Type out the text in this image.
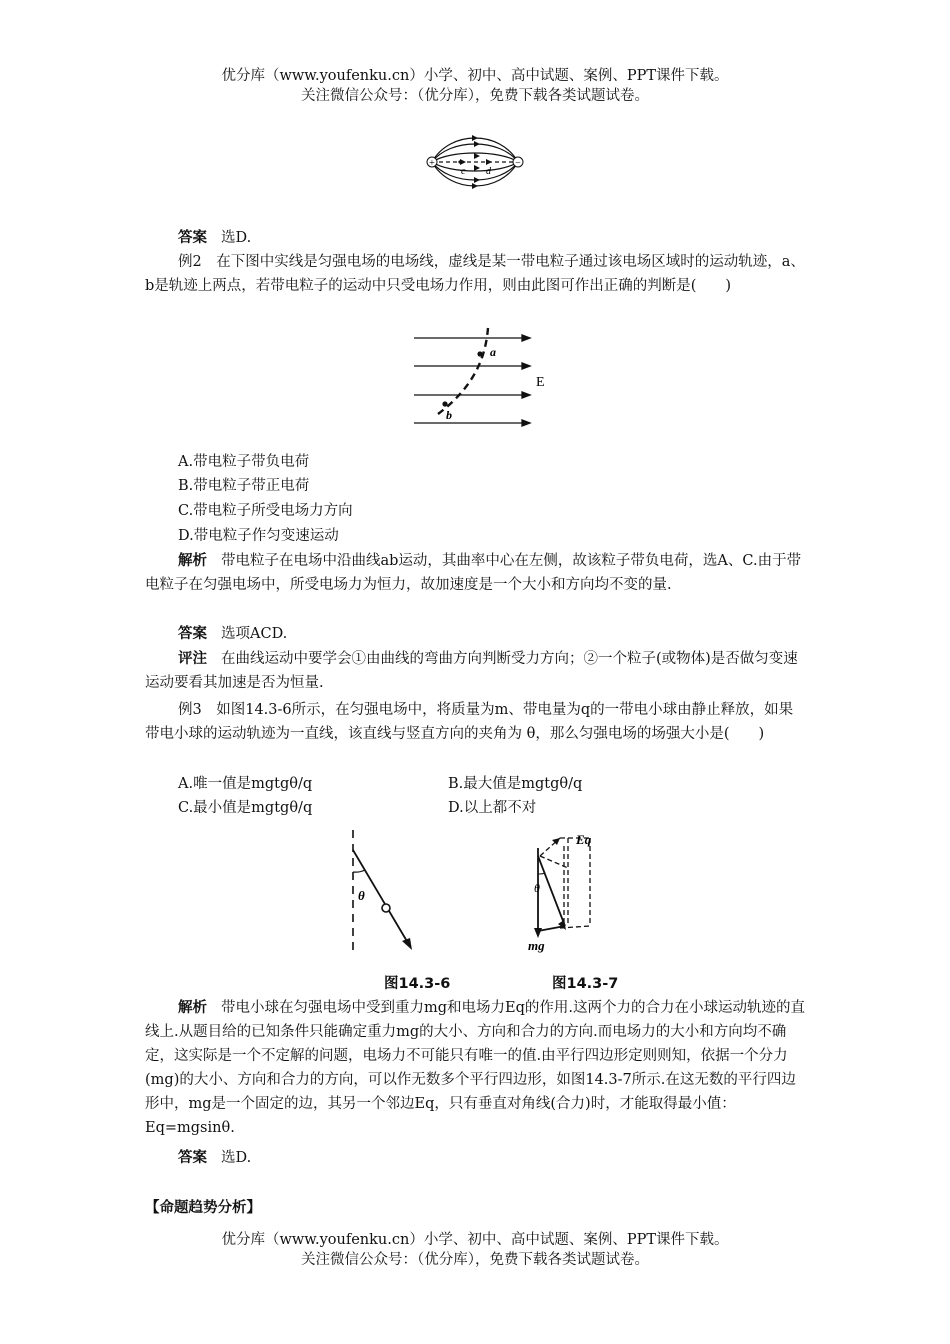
优分库（www.youfenku.cn）小学、初中、高中试题、案例、PPT课件下载。
关注微信公众号：（优分库），免费下载各类试题试卷。
+	−
c d
答案 选D.
例2　在下图中实线是匀强电场的电场线，虚线是某一带电粒子通过该电场区域时的运动轨迹，a、b是轨迹上两点，若带电粒子的运动中只受电场力作用，则由此图可作出正确的判断是(　　)
a
b
E
A.带电粒子带负电荷
B.带电粒子带正电荷
C.带电粒子所受电场力方向
D.带电粒子作匀变速运动
解析 带电粒子在电场中沿曲线ab运动，其曲率中心在左侧，故该粒子带负电荷，选A、C.由于带电粒子在匀强电场中，所受电场力为恒力，故加速度是一个大小和方向均不变的量.
答案 选项ACD.
评注 在曲线运动中要学会①由曲线的弯曲方向判断受力方向；②一个粒子(或物体)是否做匀变速运动要看其加速是否为恒量.
例3　如图14.3-6所示，在匀强电场中，将质量为m、带电量为q的一带电小球由静止释放，如果带电小球的运动轨迹为一直线，该直线与竖直方向的夹角为 θ，那么匀强电场的场强大小是(　　)
A.唯一值是mgtgθ/q	B.最大值是mgtgθ/q
C.最小值是mgtgθ/q	D.以上都不对
θ	θ
Eq
mg
图14.3-6	图14.3-7
解析 带电小球在匀强电场中受到重力mg和电场力Eq的作用.这两个力的合力在小球运动轨迹的直线上.从题目给的已知条件只能确定重力mg的大小、方向和合力的方向.而电场力的大小和方向均不确定，这实际是一个不定解的问题，电场力不可能只有唯一的值.由平行四边形定则则知，依据一个分力(mg)的大小、方向和合力的方向，可以作无数多个平行四边形，如图14.3-7所示.在这无数的平行四边形中，mg是一个固定的边，其另一个邻边Eq，只有垂直对角线(合力)时，才能取得最小值：Eq=mgsinθ.
答案 选D.
【命题趋势分析】
优分库（www.youfenku.cn）小学、初中、高中试题、案例、PPT课件下载。
关注微信公众号：（优分库），免费下载各类试题试卷。
